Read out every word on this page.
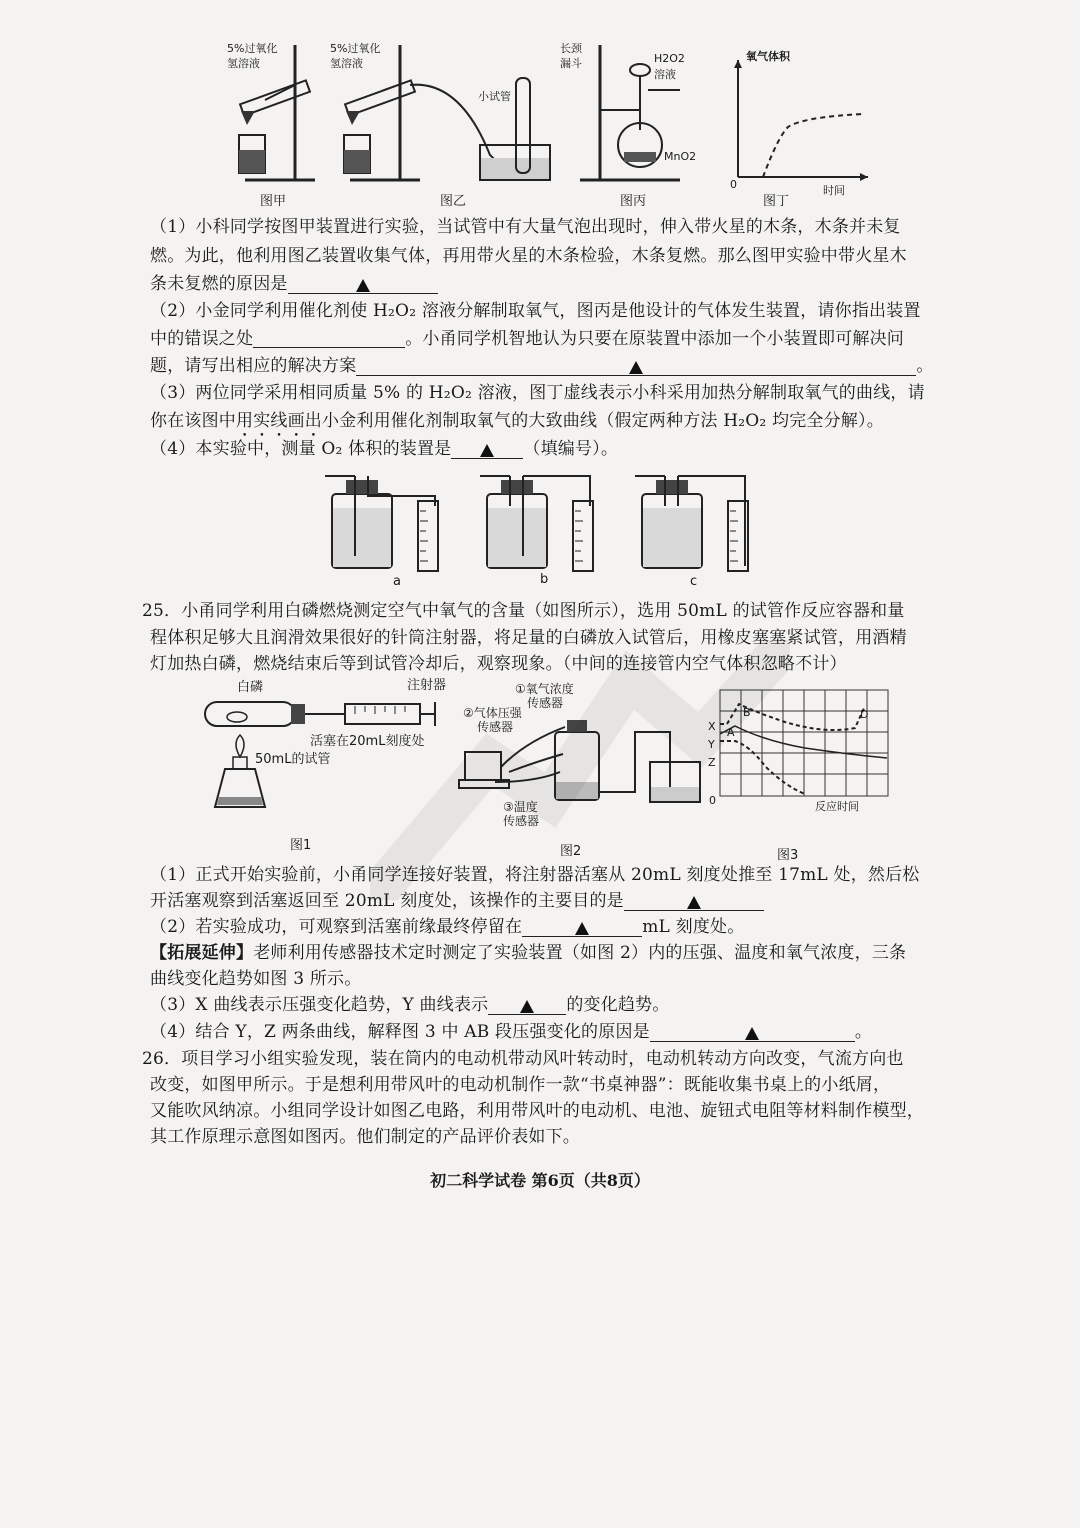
5%过氧化
氢溶液
图甲
5%过氧化
氢溶液
小试管
图乙
长颈
漏斗	H2O2
溶液
MnO2
图丙
氧气体积
0	时间
图丁
（1）小科同学按图甲装置进行实验，当试管中有大量气泡出现时，伸入带火星的木条，木条并未复
燃。为此，他利用图乙装置收集气体，再用带火星的木条检验，木条复燃。那么图甲实验中带火星木
条未复燃的原因是
（2）小金同学利用催化剂使 H₂O₂ 溶液分解制取氧气，图丙是他设计的气体发生装置，请你指出装置
中的错误之处	。小甬同学机智地认为只要在原装置中添加一个小装置即可解决问
题，请写出相应的解决方案	。
（3）两位同学采用相同质量 5% 的 H₂O₂ 溶液，图丁虚线表示小科采用加热分解制取氧气的曲线，请
你在该图中用实线画出小金利用催化剂制取氧气的大致曲线（假定两种方法 H₂O₂ 均完全分解）。
（4）本实验中，测量 O₂ 体积的装置是	（填编号）。
a	b	c
25．小甬同学利用白磷燃烧测定空气中氧气的含量（如图所示），选用 50mL 的试管作反应容器和量
程体积足够大且润滑效果很好的针筒注射器，将足量的白磷放入试管后，用橡皮塞塞紧试管，用酒精
灯加热白磷，燃烧结束后等到试管冷却后，观察现象。（中间的连接管内空气体积忽略不计）
白磷	注射器
50mL的试管
活塞在20mL刻度处
图1
①氧气浓度
传感器
②气体压强
传感器
③温度
传感器
图2
X A
B	D
Y
Z
0	反应时间
图3
（1）正式开始实验前，小甬同学连接好装置，将注射器活塞从 20mL 刻度处推至 17mL 处，然后松
开活塞观察到活塞返回至 20mL 刻度处，该操作的主要目的是
（2）若实验成功，可观察到活塞前缘最终停留在	mL 刻度处。
【拓展延伸】老师利用传感器技术定时测定了实验装置（如图 2）内的压强、温度和氧气浓度，三条
曲线变化趋势如图 3 所示。
（3）X 曲线表示压强变化趋势，Y 曲线表示	的变化趋势。
（4）结合 Y，Z 两条曲线，解释图 3 中 AB 段压强变化的原因是	。
26．项目学习小组实验发现，装在筒内的电动机带动风叶转动时，电动机转动方向改变，气流方向也
改变，如图甲所示。于是想利用带风叶的电动机制作一款“书桌神器”：既能收集书桌上的小纸屑，
又能吹风纳凉。小组同学设计如图乙电路，利用带风叶的电动机、电池、旋钮式电阻等材料制作模型，
其工作原理示意图如图丙。他们制定的产品评价表如下。
初二科学试卷 第6页（共8页）
